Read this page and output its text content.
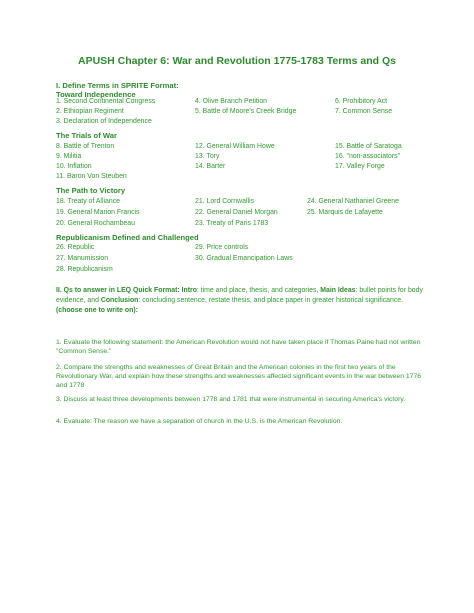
APUSH Chapter 6: War and Revolution 1775-1783 Terms and Qs
I. Define Terms in SPRITE Format:
Toward Independence
1. Second Continental Congress	4. Olive Branch Petition	6. Prohibitory Act
2. Ethiopian Regiment	5. Battle of Moore's Creek Bridge	7. Common Sense
3. Declaration of Independence
The Trials of War
8. Battle of Trenton	12. General William Howe	15. Battle of Saratoga
9. Militia	13. Tory	16. "non-associators"
10. Inflation	14. Barter	17. Valley Forge
11. Baron Von Steuben
The Path to Victory
18. Treaty of Alliance	21. Lord Cornwallis	24. General Nathaniel Greene
19. General Marion Francis	22. General Daniel Morgan	25. Marquis de Lafayette
20. General Rochambeau	23. Treaty of Paris 1783
Republicanism Defined and Challenged
26. Republic	29. Price controls
27. Manumission	30. Gradual Emancipation Laws
28. Republicanism
II. Qs to answer in LEQ Quick Format: Intro: time and place, thesis, and categories, Main Ideas: bullet points for body evidence, and Conclusion: concluding sentence, restate thesis, and place paper in greater historical significance.
(choose one to write on):
1. Evaluate the following statement: the American Revolution would not have taken place if Thomas Paine had not written "Common Sense."
2. Compare the strengths and weaknesses of Great Britain and the American colonies in the first two years of the Revolutionary War, and explain how these strengths and weaknesses affected significant events in the war between 1776 and 1778
3. Discuss at least three developments between 1778 and 1781 that were instrumental in securing America's victory.
4. Evaluate: The reason we have a separation of church in the U.S. is the American Revolution.
